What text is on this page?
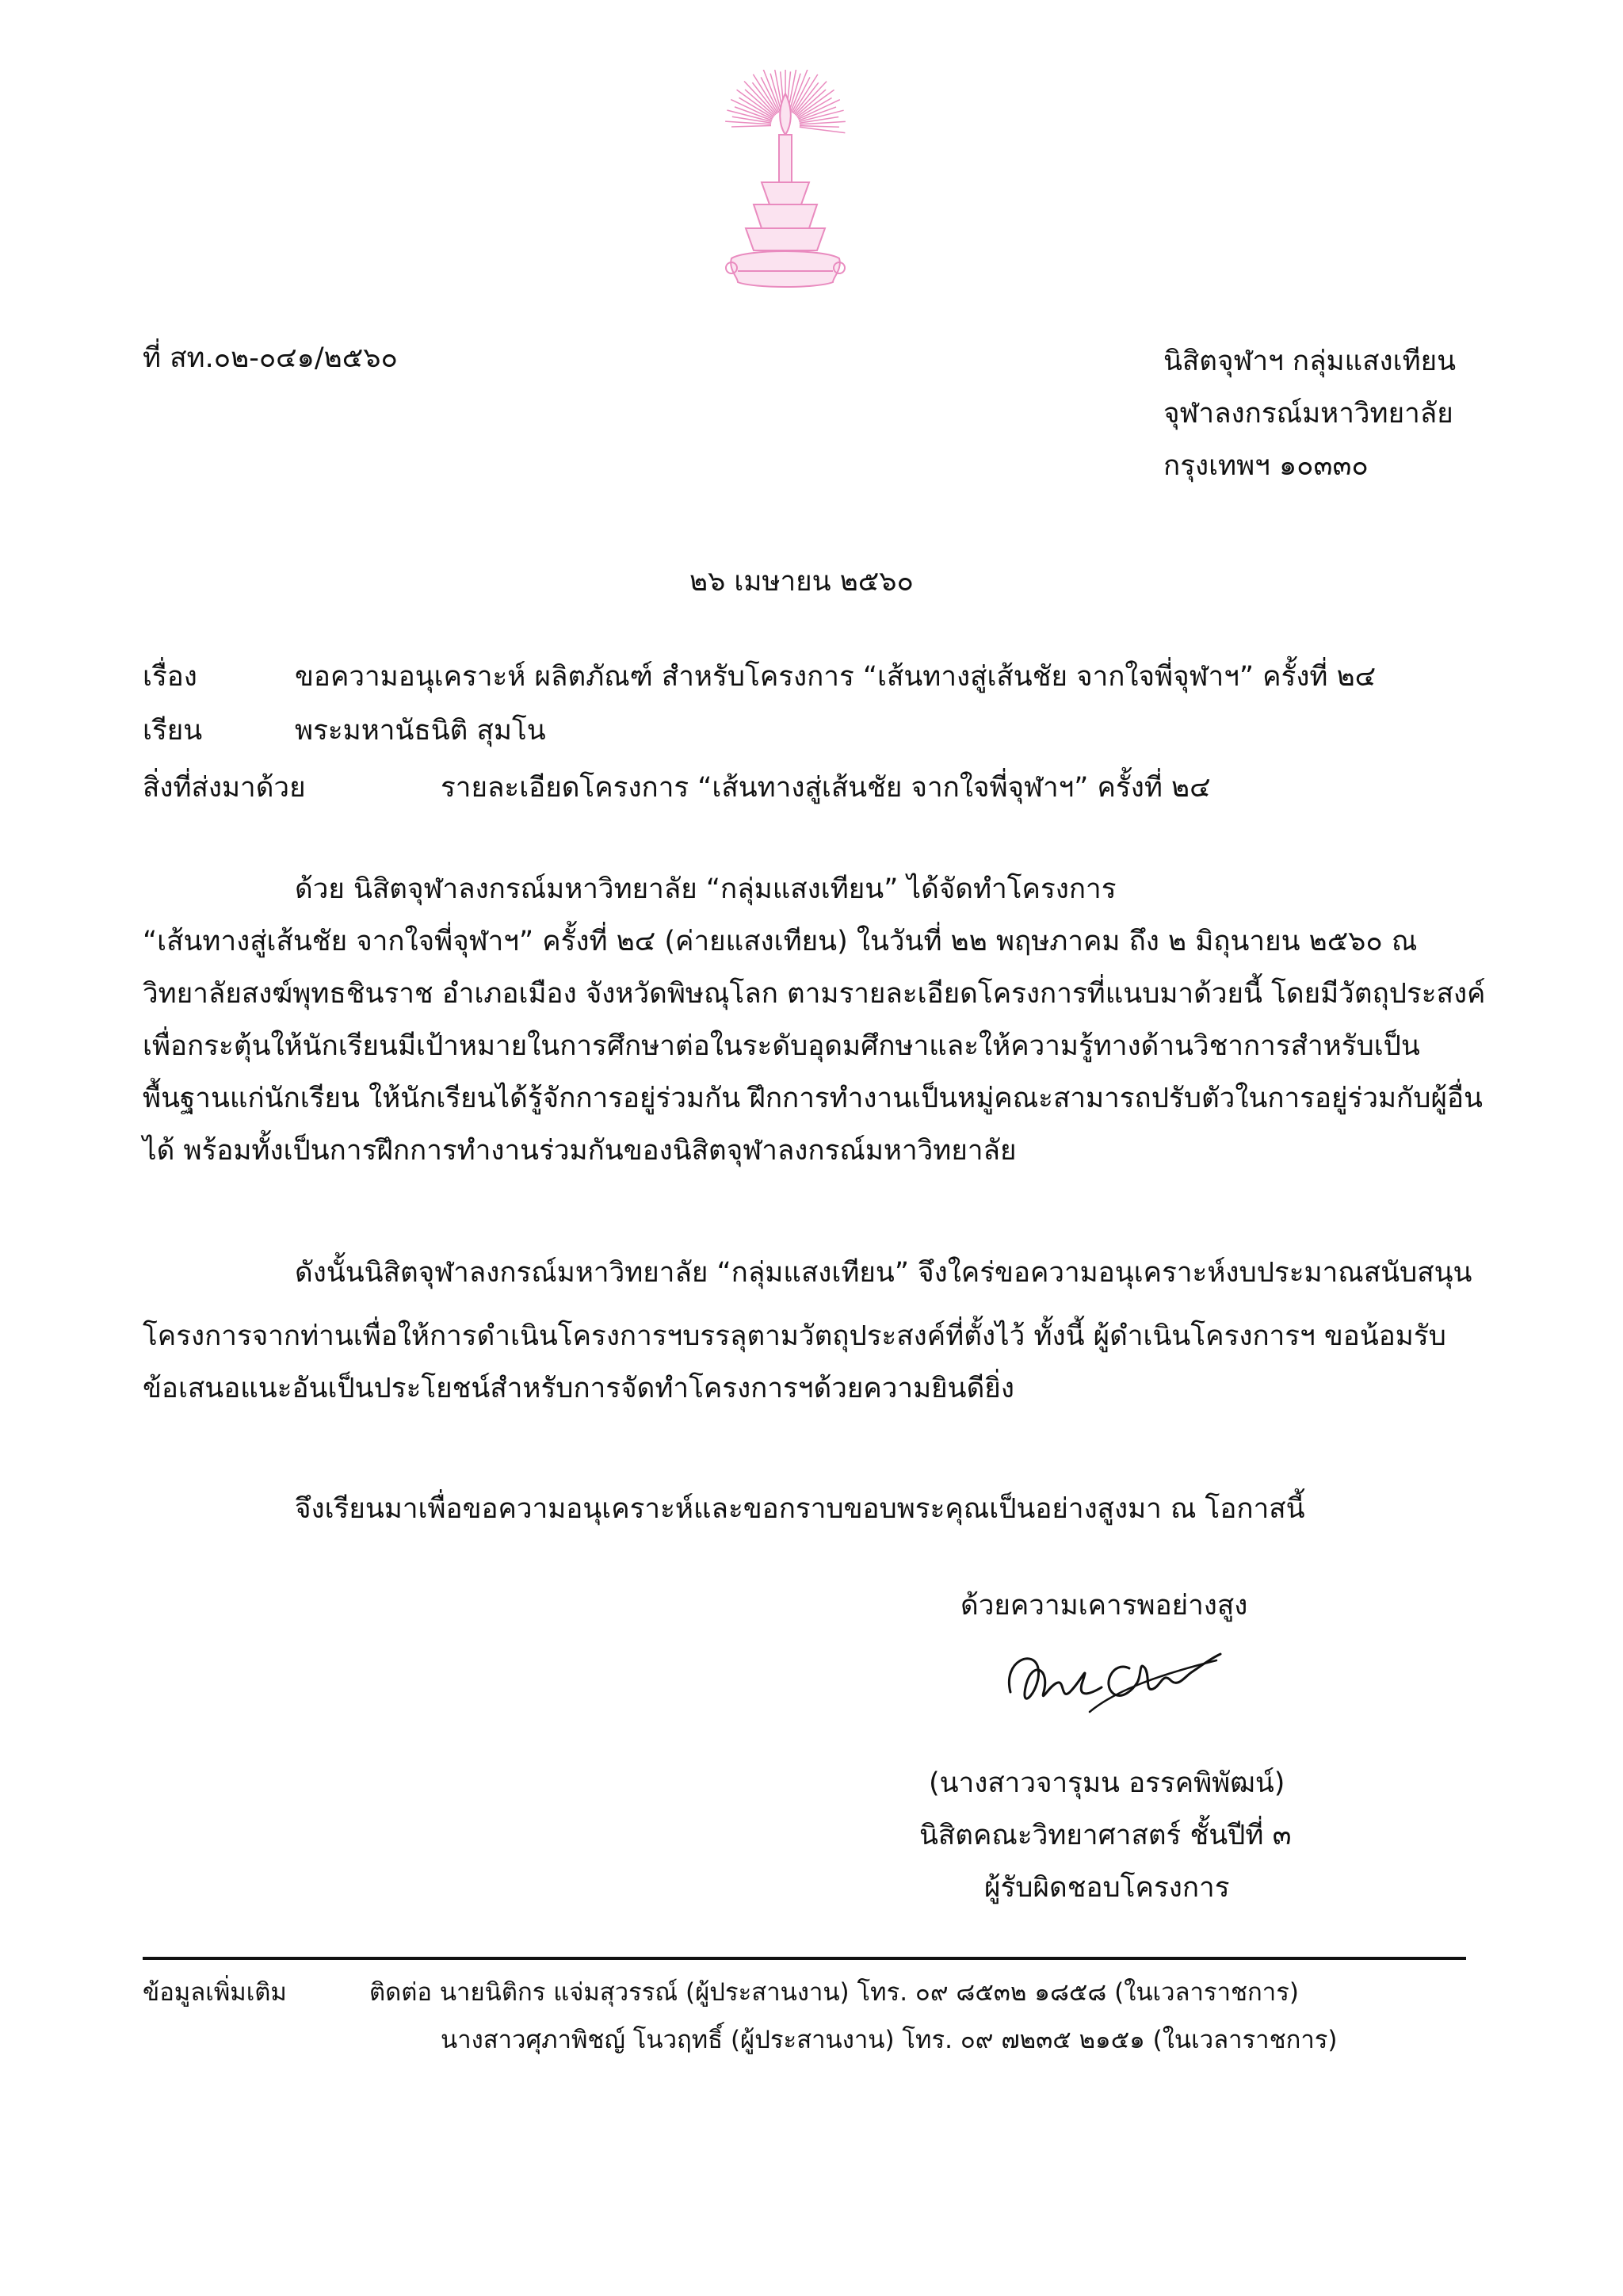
ที่ สท.๐๒-๐๔๑/๒๕๖๐	นิสิตจุฬาฯ กลุ่มแสงเทียน
จุฬาลงกรณ์มหาวิทยาลัย
กรุงเทพฯ ๑๐๓๓๐
๒๖ เมษายน ๒๕๖๐
เรื่อง	ขอความอนุเคราะห์ ผลิตภัณฑ์ สำหรับโครงการ “เส้นทางสู่เส้นชัย จากใจพี่จุฬาฯ” ครั้งที่ ๒๔
เรียน	พระมหานัธนิติ สุมโน
สิ่งที่ส่งมาด้วย	รายละเอียดโครงการ “เส้นทางสู่เส้นชัย จากใจพี่จุฬาฯ” ครั้งที่ ๒๔
ด้วย นิสิตจุฬาลงกรณ์มหาวิทยาลัย “กลุ่มแสงเทียน” ได้จัดทำโครงการ
“เส้นทางสู่เส้นชัย จากใจพี่จุฬาฯ” ครั้งที่ ๒๔ (ค่ายแสงเทียน) ในวันที่ ๒๒ พฤษภาคม ถึง ๒ มิถุนายน ๒๕๖๐ ณ
วิทยาลัยสงฆ์พุทธชินราช อำเภอเมือง จังหวัดพิษณุโลก ตามรายละเอียดโครงการที่แนบมาด้วยนี้ โดยมีวัตถุประสงค์
เพื่อกระตุ้นให้นักเรียนมีเป้าหมายในการศึกษาต่อในระดับอุดมศึกษาและให้ความรู้ทางด้านวิชาการสำหรับเป็น
พื้นฐานแก่นักเรียน ให้นักเรียนได้รู้จักการอยู่ร่วมกัน ฝึกการทำงานเป็นหมู่คณะสามารถปรับตัวในการอยู่ร่วมกับผู้อื่น
ได้ พร้อมทั้งเป็นการฝึกการทำงานร่วมกันของนิสิตจุฬาลงกรณ์มหาวิทยาลัย
ดังนั้นนิสิตจุฬาลงกรณ์มหาวิทยาลัย “กลุ่มแสงเทียน” จึงใคร่ขอความอนุเคราะห์งบประมาณสนับสนุน
โครงการจากท่านเพื่อให้การดำเนินโครงการฯบรรลุตามวัตถุประสงค์ที่ตั้งไว้ ทั้งนี้ ผู้ดำเนินโครงการฯ ขอน้อมรับ
ข้อเสนอแนะอันเป็นประโยชน์สำหรับการจัดทำโครงการฯด้วยความยินดียิ่ง
จึงเรียนมาเพื่อขอความอนุเคราะห์และขอกราบขอบพระคุณเป็นอย่างสูงมา ณ โอกาสนี้
ด้วยความเคารพอย่างสูง
(นางสาวจารุมน อรรคพิพัฒน์)
นิสิตคณะวิทยาศาสตร์ ชั้นปีที่ ๓
ผู้รับผิดชอบโครงการ
ข้อมูลเพิ่มเติม	ติดต่อ นายนิติกร แจ่มสุวรรณ์ (ผู้ประสานงาน) โทร. ๐๙ ๘๕๓๒ ๑๘๕๘ (ในเวลาราชการ)
นางสาวศุภาพิชญ์ โนวฤทธิ์ (ผู้ประสานงาน) โทร. ๐๙ ๗๒๓๕ ๒๑๕๑ (ในเวลาราชการ)
